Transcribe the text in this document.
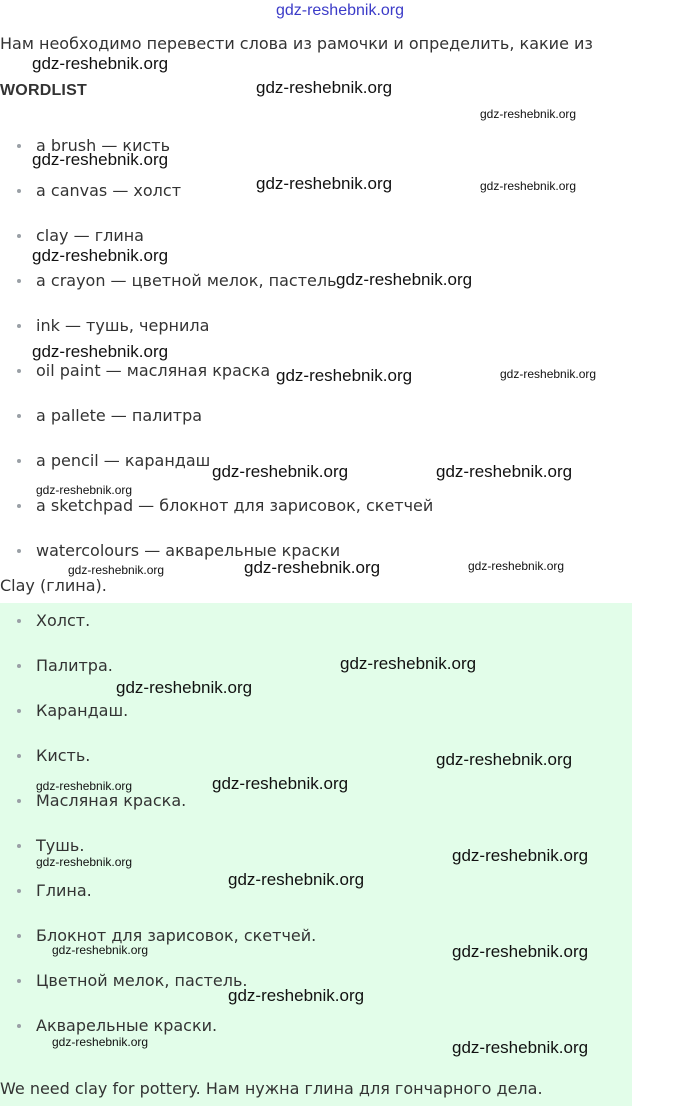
gdz-reshebnik.org
Нам необходимо перевести слова из рамочки и определить, какие из
WORDLIST
a brush — кисть
a canvas — холст
clay — глина
a crayon — цветной мелок, пастель
ink — тушь, чернила
oil paint — масляная краска
a pallete — палитра
a pencil — карандаш
a sketchpad — блокнот для зарисовок, скетчей
watercolours — акварельные краски
Clay (глина).
Холст.
Палитра.
Карандаш.
Кисть.
Масляная краска.
Тушь.
Глина.
Блокнот для зарисовок, скетчей.
Цветной мелок, пастель.
Акварельные краски.
We need clay for pottery. Нам нужна глина для гончарного дела.
gdz-reshebnik.org
gdz-reshebnik.org
gdz-reshebnik.org
gdz-reshebnik.org
gdz-reshebnik.org	gdz-reshebnik.org
gdz-reshebnik.org
gdz-reshebnik.org
gdz-reshebnik.org
gdz-reshebnik.org	gdz-reshebnik.org
gdz-reshebnik.org	gdz-reshebnik.org
gdz-reshebnik.org
gdz-reshebnik.org	gdz-reshebnik.org	gdz-reshebnik.org
gdz-reshebnik.org
gdz-reshebnik.org
gdz-reshebnik.org
gdz-reshebnik.org
gdz-reshebnik.org
gdz-reshebnik.org
gdz-reshebnik.org
gdz-reshebnik.org
gdz-reshebnik.org
gdz-reshebnik.org
gdz-reshebnik.org
gdz-reshebnik.org	gdz-reshebnik.org
